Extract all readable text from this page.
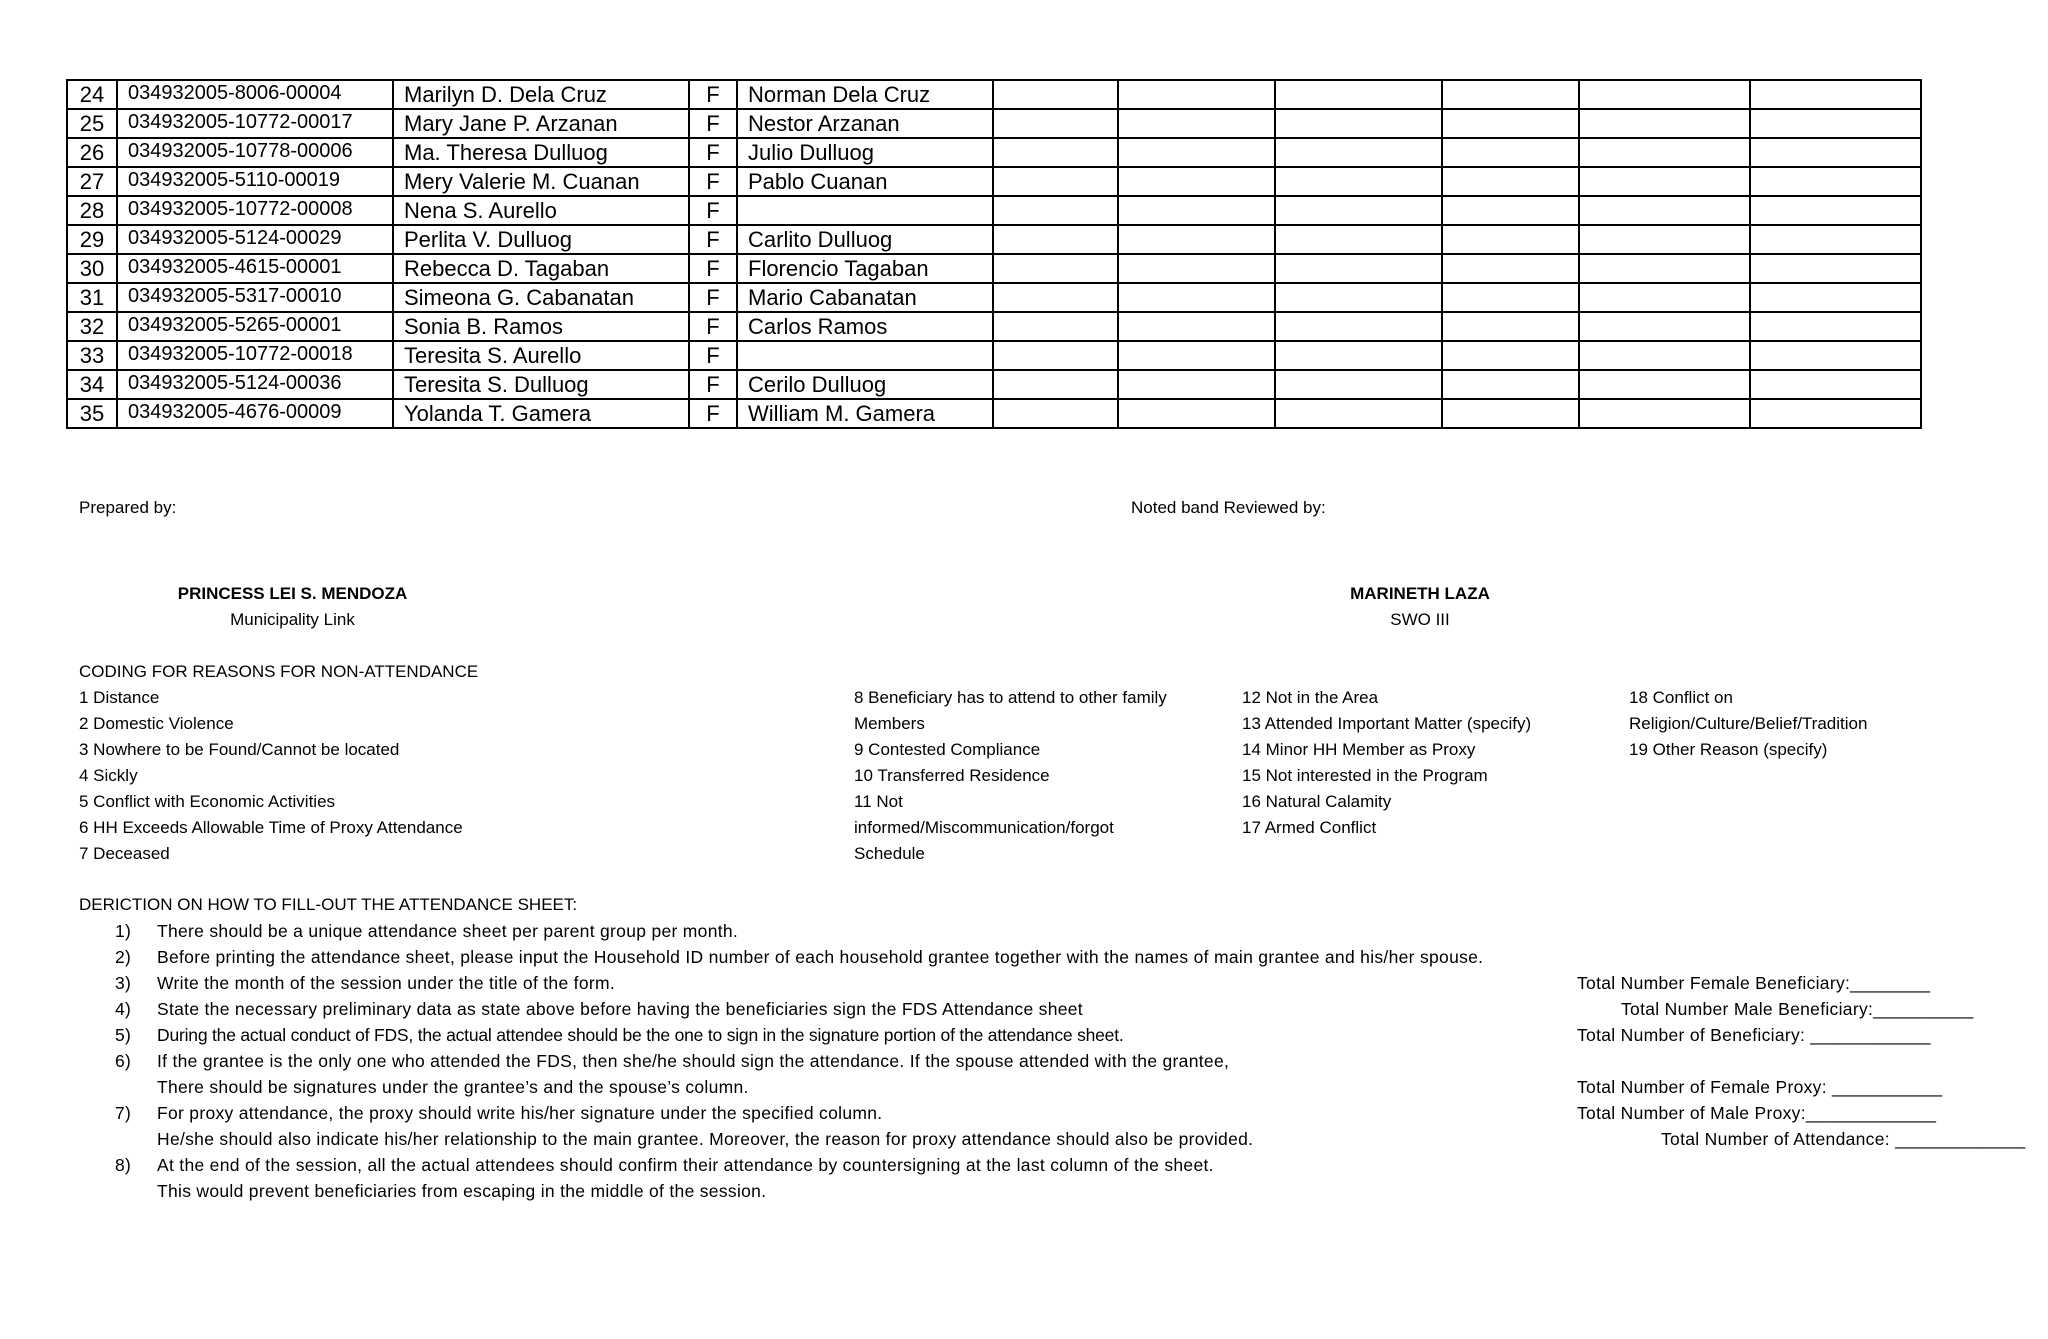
24	034932005-8006-00004	Marilyn D. Dela Cruz	F	Norman Dela Cruz						
25	034932005-10772-00017	Mary Jane P. Arzanan	F	Nestor Arzanan						
26	034932005-10778-00006	Ma. Theresa Dulluog	F	Julio Dulluog						
27	034932005-5110-00019	Mery Valerie M. Cuanan	F	Pablo Cuanan						
28	034932005-10772-00008	Nena S. Aurello	F							
29	034932005-5124-00029	Perlita V. Dulluog	F	Carlito Dulluog						
30	034932005-4615-00001	Rebecca D. Tagaban	F	Florencio Tagaban						
31	034932005-5317-00010	Simeona G. Cabanatan	F	Mario Cabanatan						
32	034932005-5265-00001	Sonia B. Ramos	F	Carlos Ramos						
33	034932005-10772-00018	Teresita S. Aurello	F							
34	034932005-5124-00036	Teresita S. Dulluog	F	Cerilo Dulluog						
35	034932005-4676-00009	Yolanda T. Gamera	F	William M. Gamera						
Prepared by:	Noted band Reviewed by:
PRINCESS LEI S. MENDOZA
Municipality Link
MARINETH LAZA
SWO III
CODING FOR REASONS FOR NON-ATTENDANCE
1 Distance
2 Domestic Violence
3 Nowhere to be Found/Cannot be located
4 Sickly
5 Conflict with Economic Activities
6 HH Exceeds Allowable Time of Proxy Attendance
7 Deceased
8 Beneficiary has to attend to other family
Members
9 Contested Compliance
10 Transferred Residence
11 Not
informed/Miscommunication/forgot
Schedule
12 Not in the Area
13 Attended Important Matter (specify)
14 Minor HH Member as Proxy
15 Not interested in the Program
16 Natural Calamity
17 Armed Conflict
18 Conflict on
Religion/Culture/Belief/Tradition
19 Other Reason (specify)
DERICTION ON HOW TO FILL-OUT THE ATTENDANCE SHEET:
1)	There should be a unique attendance sheet per parent group per month.
2)	Before printing the attendance sheet, please input the Household ID number of each household grantee together with the names of main grantee and his/her spouse.
3)	Write the month of the session under the title of the form.
4)	State the necessary preliminary data as state above before having the beneficiaries sign the FDS Attendance sheet
5)	During the actual conduct of FDS, the actual attendee should be the one to sign in the signature portion of the attendance sheet.
6)	If the grantee is the only one who attended the FDS, then she/he should sign the attendance. If the spouse attended with the grantee,
There should be signatures under the grantee’s and the spouse’s column.
7)	For proxy attendance, the proxy should write his/her signature under the specified column.
He/she should also indicate his/her relationship to the main grantee. Moreover, the reason for proxy attendance should also be provided.
8)	At the end of the session, all the actual attendees should confirm their attendance by countersigning at the last column of the sheet.
This would prevent beneficiaries from escaping in the middle of the session.
Total Number Female Beneficiary:________
Total Number Male Beneficiary:__________
Total Number of Beneficiary: ____________
Total Number of Female Proxy: ___________
Total Number of Male Proxy:_____________
Total Number of Attendance: _____________
